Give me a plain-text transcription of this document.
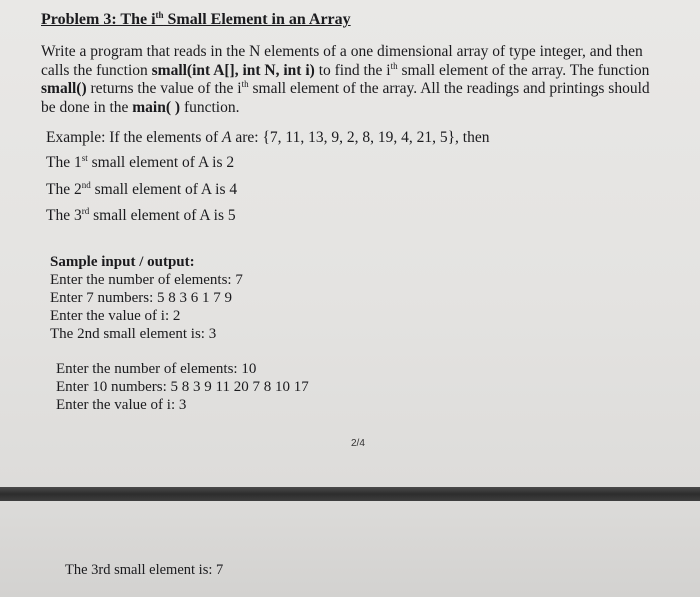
Problem 3: The $i^{th}$ Small Element in an Array
Write a program that reads in the N elements of a one dimensional array of type integer, and then
calls the function small(int A[], int N, int i) to find the $i^{th}$ small element of the array. The function
small() returns the value of the $i^{th}$ small element of the array. All the readings and printings should
be done in the main( ) function.
Example: If the elements of A are: {7, 11, 13, 9, 2, 8, 19, 4, 21, 5}, then
The 1st small element of A is 2
The 2nd small element of A is 4
The 3rd small element of A is 5
Sample input / output:
Enter the number of elements: 7
Enter 7 numbers: 5 8 3 6 1 7 9
Enter the value of i: 2
The 2nd small element is: 3
Enter the number of elements: 10
Enter 10 numbers: 5 8 3 9 11 20 7 8 10 17
Enter the value of i: 3
2/4
The 3rd small element is: 7
